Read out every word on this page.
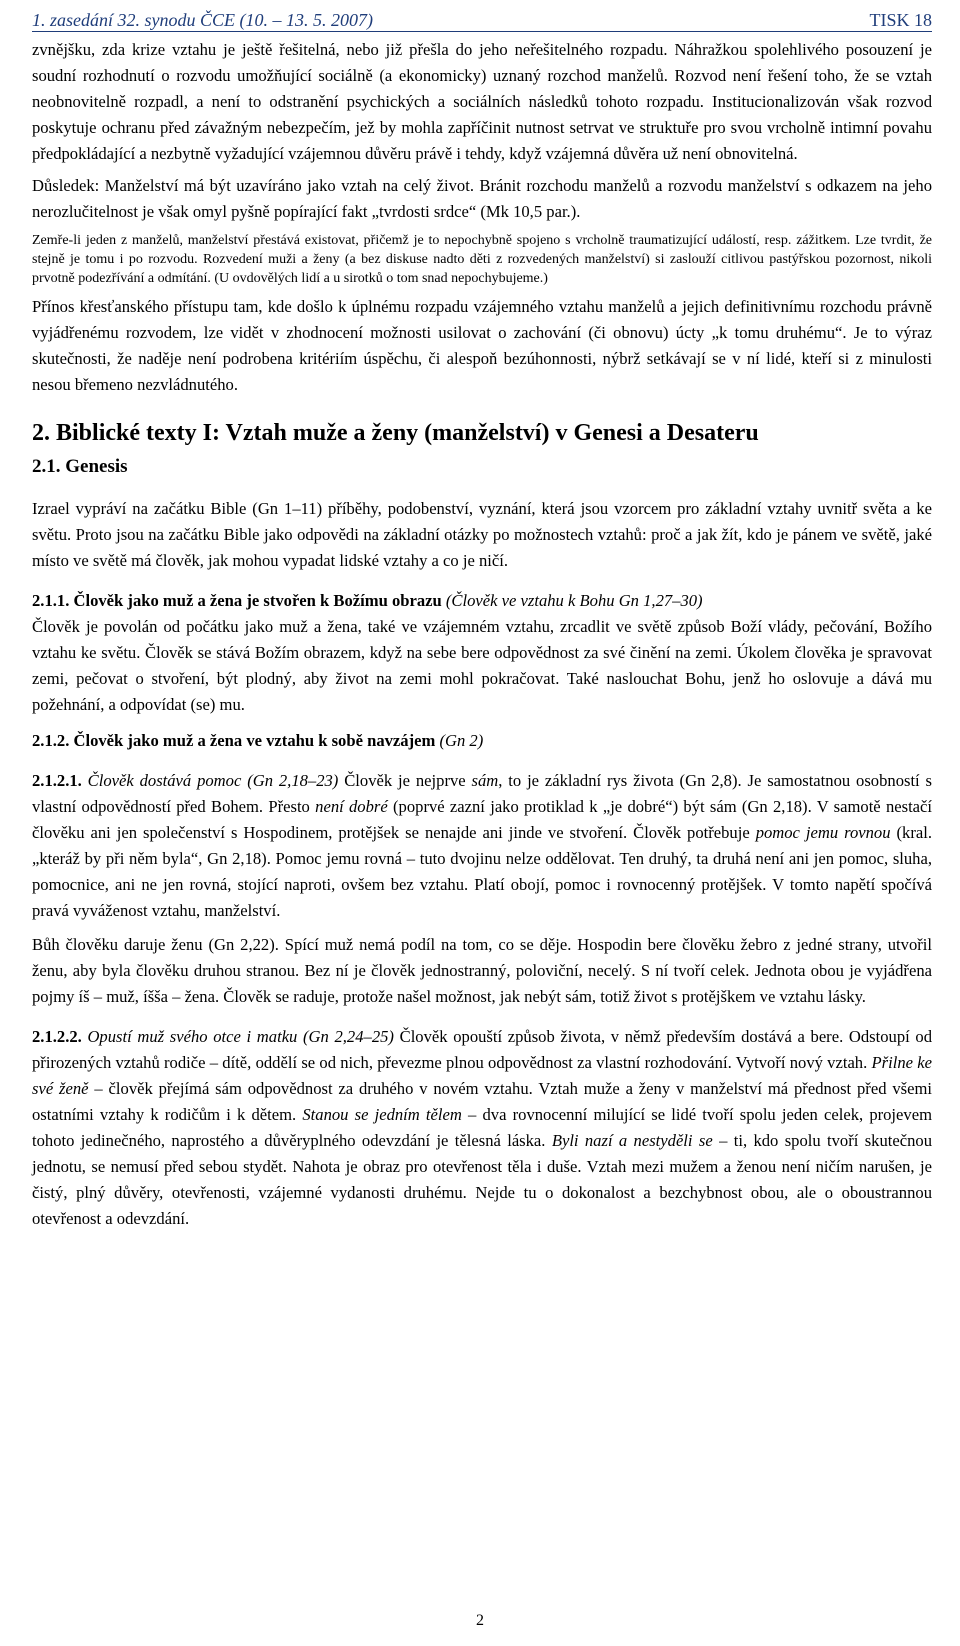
1. zasedání 32. synodu ČCE (10. – 13. 5. 2007)	TISK 18

zvnějšku, zda krize vztahu je ještě řešitelná, nebo již přešla do jeho neřešitelného rozpadu. Náhražkou spolehlivého posouzení je soudní rozhodnutí o rozvodu umožňující sociálně (a ekonomicky) uznaný rozchod manželů. Rozvod není řešení toho, že se vztah neobnovitelně rozpadl, a není to odstranění psychických a sociálních následků tohoto rozpadu. Institucionalizován však rozvod poskytuje ochranu před závažným nebezpečím, jež by mohla zapříčinit nutnost setrvat ve struktuře pro svou vrcholně intimní povahu předpokládající a nezbytně vyžadující vzájemnou důvěru právě i tehdy, když vzájemná důvěra už není obnovitelná.

Důsledek: Manželství má být uzavíráno jako vztah na celý život. Bránit rozchodu manželů a rozvodu manželství s odkazem na jeho nerozlučitelnost je však omyl pyšně popírající fakt „tvrdosti srdce“ (Mk 10,5 par.).

Zemře-li jeden z manželů, manželství přestává existovat, přičemž je to nepochybně spojeno s vrcholně traumatizující událostí, resp. zážitkem. Lze tvrdit, že stejně je tomu i po rozvodu. Rozvedení muži a ženy (a bez diskuse nadto děti z rozvedených manželství) si zaslouží citlivou pastýřskou pozornost, nikoli prvotně podezřívání a odmítání. (U ovdovělých lidí a u sirotků o tom snad nepochybujeme.)

Přínos křesťanského přístupu tam, kde došlo k úplnému rozpadu vzájemného vztahu manželů a jejich definitivnímu rozchodu právně vyjádřenému rozvodem, lze vidět v zhodnocení možnosti usilovat o zachování (či obnovu) úcty „k tomu druhému“. Je to výraz skutečnosti, že naděje není podrobena kritériím úspěchu, či alespoň bezúhonnosti, nýbrž setkávají se v ní lidé, kteří si z minulosti nesou břemeno nezvládnutého.

2. Biblické texty I: Vztah muže a ženy (manželství) v Genesi a Desateru
2.1. Genesis

Izrael vypráví na začátku Bible (Gn 1–11) příběhy, podobenství, vyznání, která jsou vzorcem pro základní vztahy uvnitř světa a ke světu. Proto jsou na začátku Bible jako odpovědi na základní otázky po možnostech vztahů: proč a jak žít, kdo je pánem ve světě, jaké místo ve světě má člověk, jak mohou vypadat lidské vztahy a co je ničí.

2.1.1. Člověk jako muž a žena je stvořen k Božímu obrazu (Člověk ve vztahu k Bohu Gn 1,27–30)
Člověk je povolán od počátku jako muž a žena, také ve vzájemném vztahu, zrcadlit ve světě způsob Boží vlády, pečování, Božího vztahu ke světu. Člověk se stává Božím obrazem, když na sebe bere odpovědnost za své činění na zemi. Úkolem člověka je spravovat zemi, pečovat o stvoření, být plodný, aby život na zemi mohl pokračovat. Také naslouchat Bohu, jenž ho oslovuje a dává mu požehnání, a odpovídat (se) mu.

2.1.2. Člověk jako muž a žena ve vztahu k sobě navzájem (Gn 2)

2.1.2.1. Člověk dostává pomoc (Gn 2,18–23) Člověk je nejprve sám, to je základní rys života (Gn 2,8). Je samostatnou osobností s vlastní odpovědností před Bohem. Přesto není dobré (poprvé zazní jako protiklad k „je dobré“) být sám (Gn 2,18). V samotě nestačí člověku ani jen společenství s Hospodinem, protějšek se nenajde ani jinde ve stvoření. Člověk potřebuje pomoc jemu rovnou (kral. „kteráž by při něm byla“, Gn 2,18). Pomoc jemu rovná – tuto dvojinu nelze oddělovat. Ten druhý, ta druhá není ani jen pomoc, sluha, pomocnice, ani ne jen rovná, stojící naproti, ovšem bez vztahu. Platí obojí, pomoc i rovnocenný protějšek. V tomto napětí spočívá pravá vyváženost vztahu, manželství.

Bůh člověku daruje ženu (Gn 2,22). Spící muž nemá podíl na tom, co se děje. Hospodin bere člověku žebro z jedné strany, utvořil ženu, aby byla člověku druhou stranou. Bez ní je člověk jednostranný, poloviční, necelý. S ní tvoří celek. Jednota obou je vyjádřena pojmy íš – muž, íšša – žena. Člověk se raduje, protože našel možnost, jak nebýt sám, totiž život s protějškem ve vztahu lásky.

2.1.2.2. Opustí muž svého otce i matku (Gn 2,24–25) Člověk opouští způsob života, v němž především dostává a bere. Odstoupí od přirozených vztahů rodiče – dítě, oddělí se od nich, převezme plnou odpovědnost za vlastní rozhodování. Vytvoří nový vztah. Přilne ke své ženě – člověk přejímá sám odpovědnost za druhého v novém vztahu. Vztah muže a ženy v manželství má přednost před všemi ostatními vztahy k rodičům i k dětem. Stanou se jedním tělem – dva rovnocenní milující se lidé tvoří spolu jeden celek, projevem tohoto jedinečného, naprostého a důvěryplného odevzdání je tělesná láska. Byli nazí a nestyděli se – ti, kdo spolu tvoří skutečnou jednotu, se nemusí před sebou stydět. Nahota je obraz pro otevřenost těla i duše. Vztah mezi mužem a ženou není ničím narušen, je čistý, plný důvěry, otevřenosti, vzájemné vydanosti druhému. Nejde tu o dokonalost a bezchybnost obou, ale o oboustrannou otevřenost a odevzdání.

2
